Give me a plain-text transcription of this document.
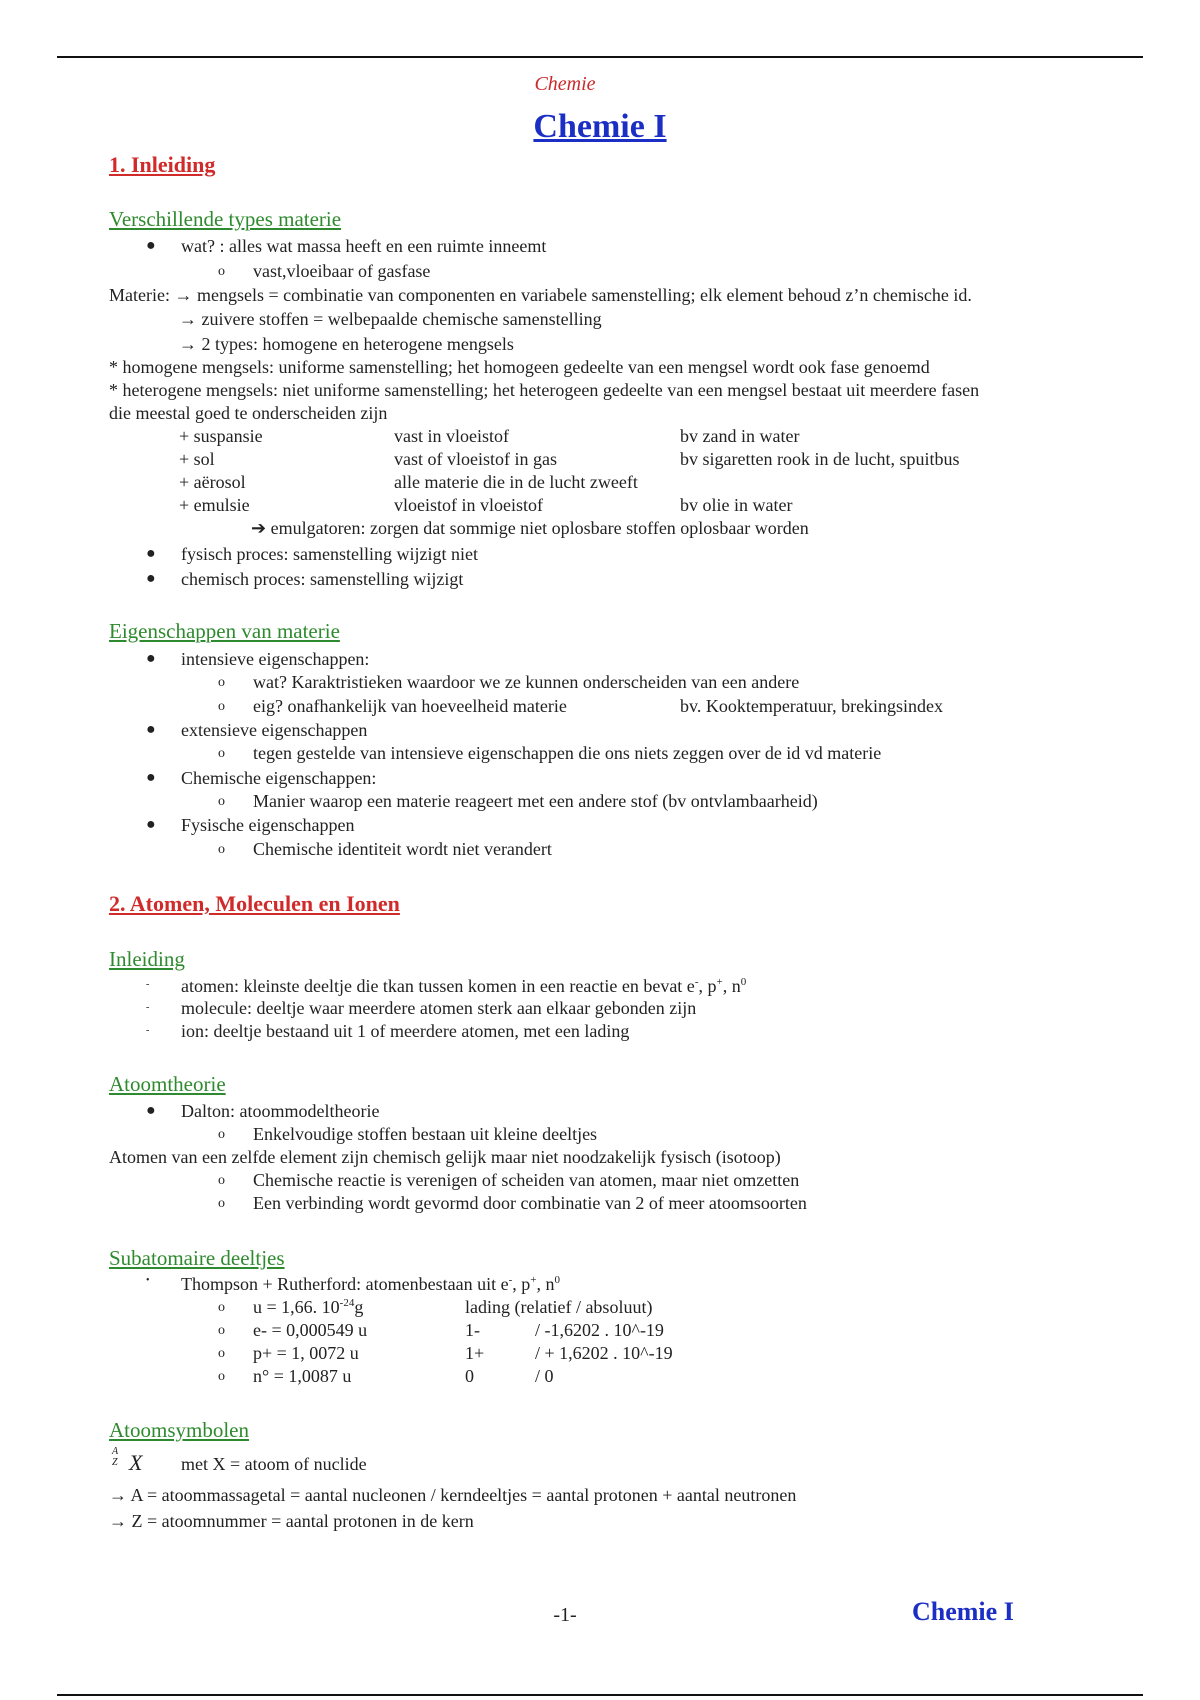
Chemie
Chemie I
1. Inleiding
Verschillende types materie
● wat? : alles wat massa heeft en een ruimte inneemt
o vast,vloeibaar of gasfase
Materie: → mengsels = combinatie van componenten en variabele samenstelling; elk element behoud z’n chemische id.
→ zuivere stoffen = welbepaalde chemische samenstelling
→ 2 types: homogene en heterogene mengsels
* homogene mengsels: uniforme samenstelling; het homogeen gedeelte van een mengsel wordt ook fase genoemd
* heterogene mengsels: niet uniforme samenstelling; het heterogeen gedeelte van een mengsel bestaat uit meerdere fasen
die meestal goed te onderscheiden zijn
+ suspansie	vast in vloeistof	bv zand in water
+ sol	vast of vloeistof in gas	bv sigaretten rook in de lucht, spuitbus
+ aërosol	alle materie die in de lucht zweeft
+ emulsie	vloeistof in vloeistof	bv olie in water
➔ emulgatoren: zorgen dat sommige niet oplosbare stoffen oplosbaar worden
● fysisch proces: samenstelling wijzigt niet
● chemisch proces: samenstelling wijzigt
Eigenschappen van materie
● intensieve eigenschappen:
o wat? Karaktristieken waardoor we ze kunnen onderscheiden van een andere
o eig? onafhankelijk van hoeveelheid materie	bv. Kooktemperatuur, brekingsindex
● extensieve eigenschappen
o tegen gestelde van intensieve eigenschappen die ons niets zeggen over de id vd materie
● Chemische eigenschappen:
o Manier waarop een materie reageert met een andere stof (bv ontvlambaarheid)
● Fysische eigenschappen
o Chemische identiteit wordt niet verandert
2. Atomen, Moleculen en Ionen
Inleiding
- atomen: kleinste deeltje die tkan tussen komen in een reactie en bevat e-, p+, $n^0$
- molecule: deeltje waar meerdere atomen sterk aan elkaar gebonden zijn
- ion: deeltje bestaand uit 1 of meerdere atomen, met een lading
Atoomtheorie
● Dalton: atoommodeltheorie
o Enkelvoudige stoffen bestaan uit kleine deeltjes
Atomen van een zelfde element zijn chemisch gelijk maar niet noodzakelijk fysisch (isotoop)
o Chemische reactie is verenigen of scheiden van atomen, maar niet omzetten
o Een verbinding wordt gevormd door combinatie van 2 of meer atoomsoorten
Subatomaire deeltjes
• Thompson + Rutherford: atomenbestaan uit e-, p+, $n^0$
o u = 1,66. $10^{-24}g$	lading (relatief / absoluut)
o e- = 0,000549 u	1-	/ -1,6202 . 10^-19
o p+ = 1, 0072 u	1+	/ + 1,6202 . 10^-19
o n° = 1,0087 u	0	/ 0
Atoomsymbolen
A
Z X met X = atoom of nuclide
→ A = atoommassagetal = aantal nucleonen / kerndeeltjes = aantal protonen + aantal neutronen
→ Z = atoomnummer = aantal protonen in de kern
-1-	Chemie I
